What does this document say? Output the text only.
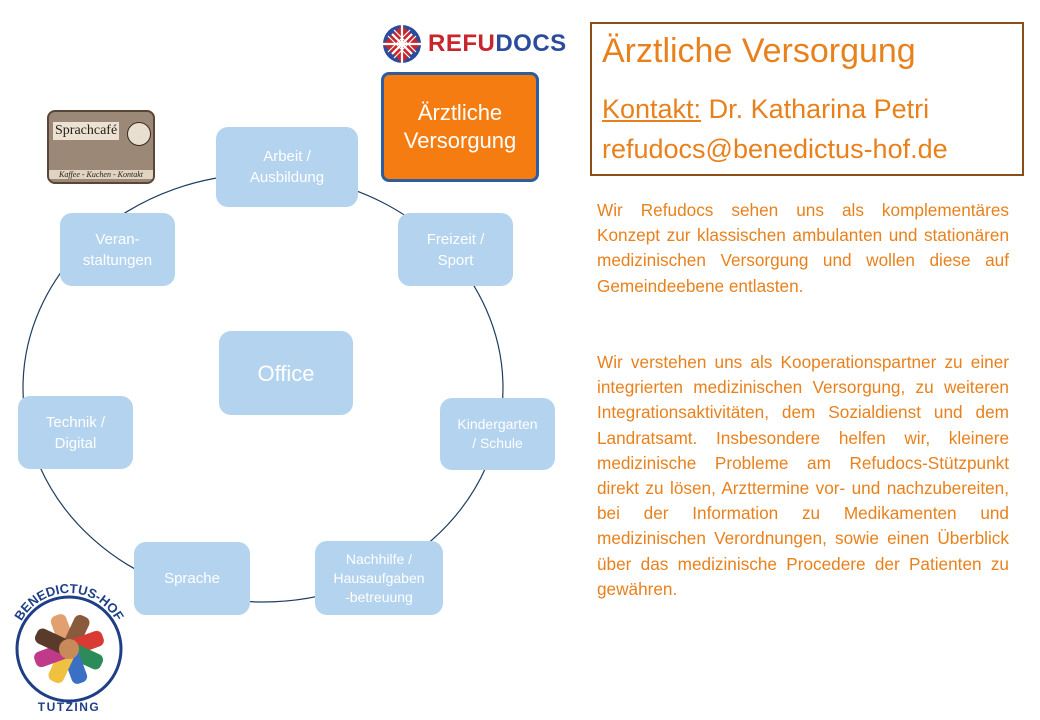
REFUDOCS
Ärztliche
Versorgung
Sprachcafé
Kaffee - Kuchen - Kontakt
Arbeit /
Ausbildung
Freizeit /
Sport
Kindergarten
/ Schule
Nachhilfe /
Hausaufgaben
-betreuung
Sprache
Technik /
Digital
Veran-
staltungen
Office
Ärztliche Versorgung
Kontakt: Dr. Katharina Petri
refudocs@benedictus-hof.de
Wir Refudocs sehen uns als komplementäres Konzept zur klassischen ambulanten und stationären medizinischen Versorgung und wollen diese auf Gemeindeebene entlasten.
Wir verstehen uns als Kooperationspartner zu einer integrierten medizinischen Versorgung, zu weiteren Integrationsaktivitäten, dem Sozialdienst und dem Landratsamt. Insbesondere helfen wir, kleinere medizinische Probleme am Refudocs-Stützpunkt direkt zu lösen, Arzttermine vor- und nachzubereiten, bei der Information zu Medikamenten und medizinischen Verordnungen, sowie einen Überblick über das medizinische Procedere der Patienten zu gewähren.
BENEDICTUS-HOF
TUTZING
